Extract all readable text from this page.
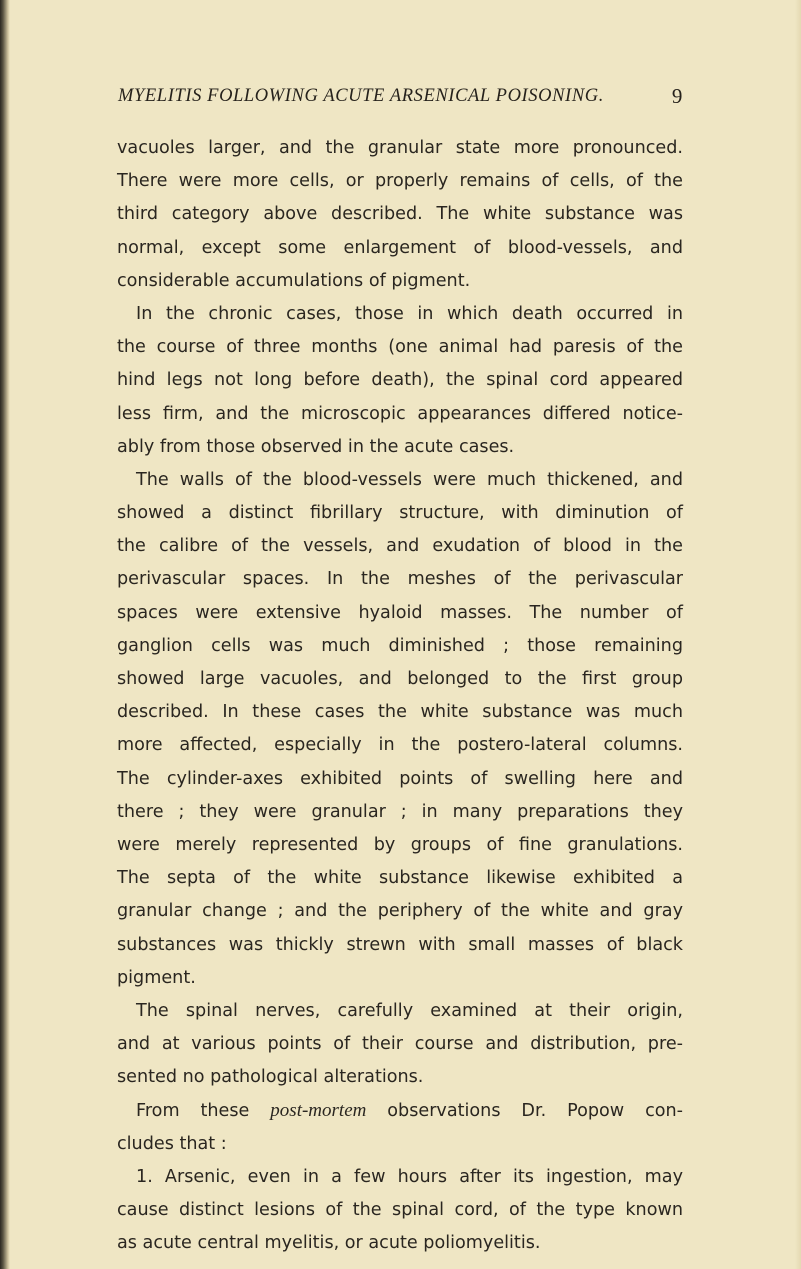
MYELITIS FOLLOWING ACUTE ARSENICAL POISONING.	9
vacuoles larger, and the granular state more pronounced.
There were more cells, or properly remains of cells, of the
third category above described. The white substance was
normal, except some enlargement of blood-vessels, and
considerable accumulations of pigment.
In the chronic cases, those in which death occurred in
the course of three months (one animal had paresis of the
hind legs not long before death), the spinal cord appeared
less firm, and the microscopic appearances differed notice-
ably from those observed in the acute cases.
The walls of the blood-vessels were much thickened, and
showed a distinct fibrillary structure, with diminution of
the calibre of the vessels, and exudation of blood in the
perivascular spaces. In the meshes of the perivascular
spaces were extensive hyaloid masses. The number of
ganglion cells was much diminished ; those remaining
showed large vacuoles, and belonged to the first group
described. In these cases the white substance was much
more affected, especially in the postero-lateral columns.
The cylinder-axes exhibited points of swelling here and
there ; they were granular ; in many preparations they
were merely represented by groups of fine granulations.
The septa of the white substance likewise exhibited a
granular change ; and the periphery of the white and gray
substances was thickly strewn with small masses of black
pigment.
The spinal nerves, carefully examined at their origin,
and at various points of their course and distribution, pre-
sented no pathological alterations.
From these post-mortem observations Dr. Popow con-
cludes that :
1. Arsenic, even in a few hours after its ingestion, may
cause distinct lesions of the spinal cord, of the type known
as acute central myelitis, or acute poliomyelitis.
